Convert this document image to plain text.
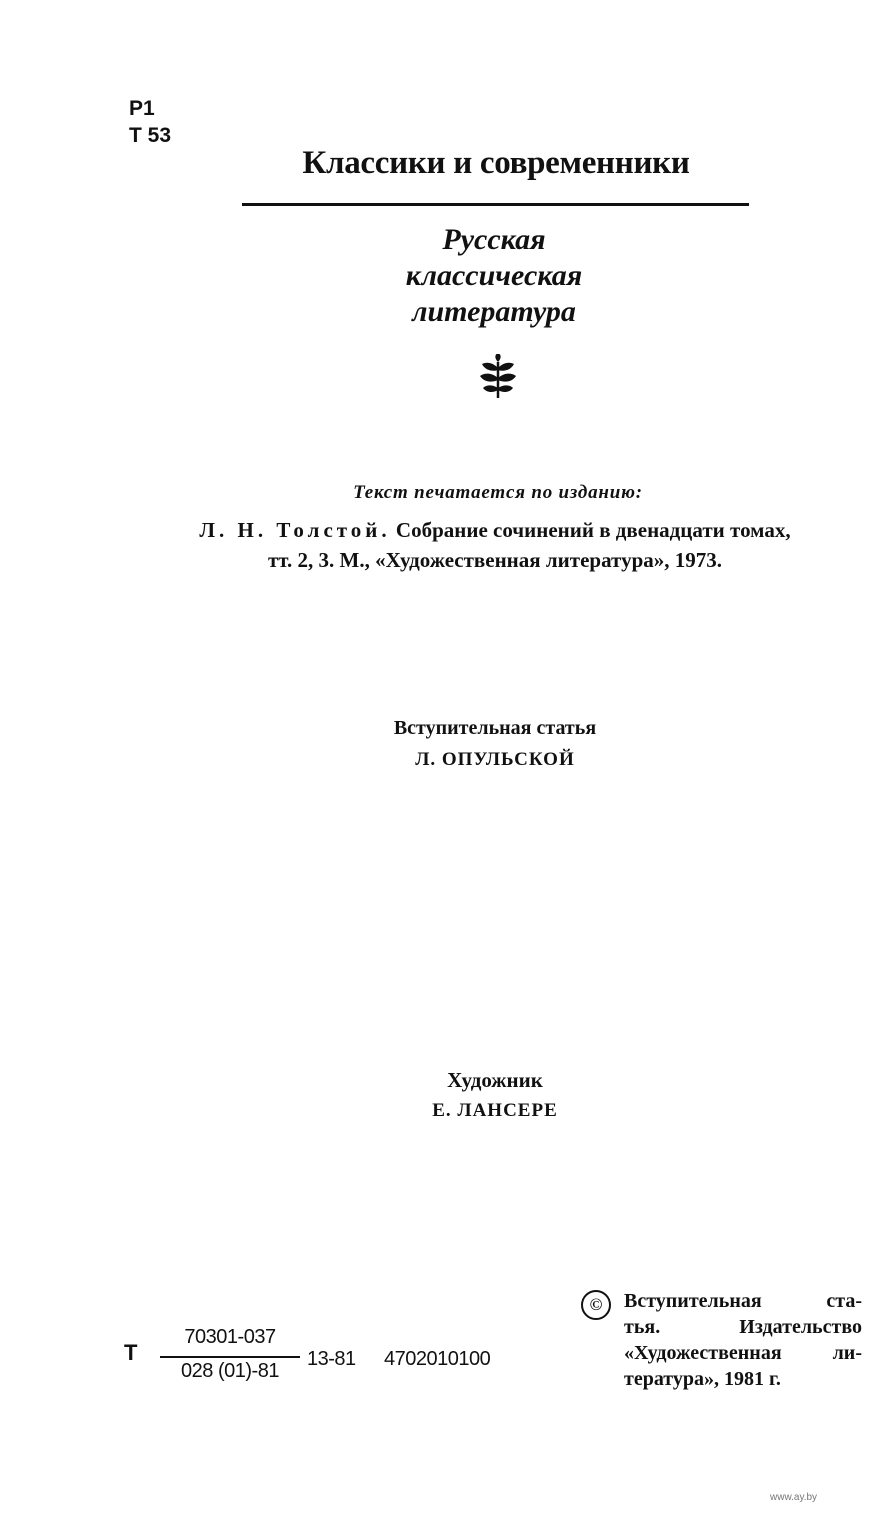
Р1
Т 53
Классики и современники
Русская
классическая
литература
Текст печатается по изданию:
Л. Н. Толстой. Собрание сочинений в двенадцати томах,
тт. 2, 3. М., «Художественная литература», 1973.
Вступительная статья
Л. ОПУЛЬСКОЙ
Художник
Е. ЛАНСЕРЕ
Т
70301-037
028 (01)-81
13-81 4702010100
©	Вступительная ста-
тья. Издательство
«Художественная ли-
тература», 1981 г.
www.ay.by
